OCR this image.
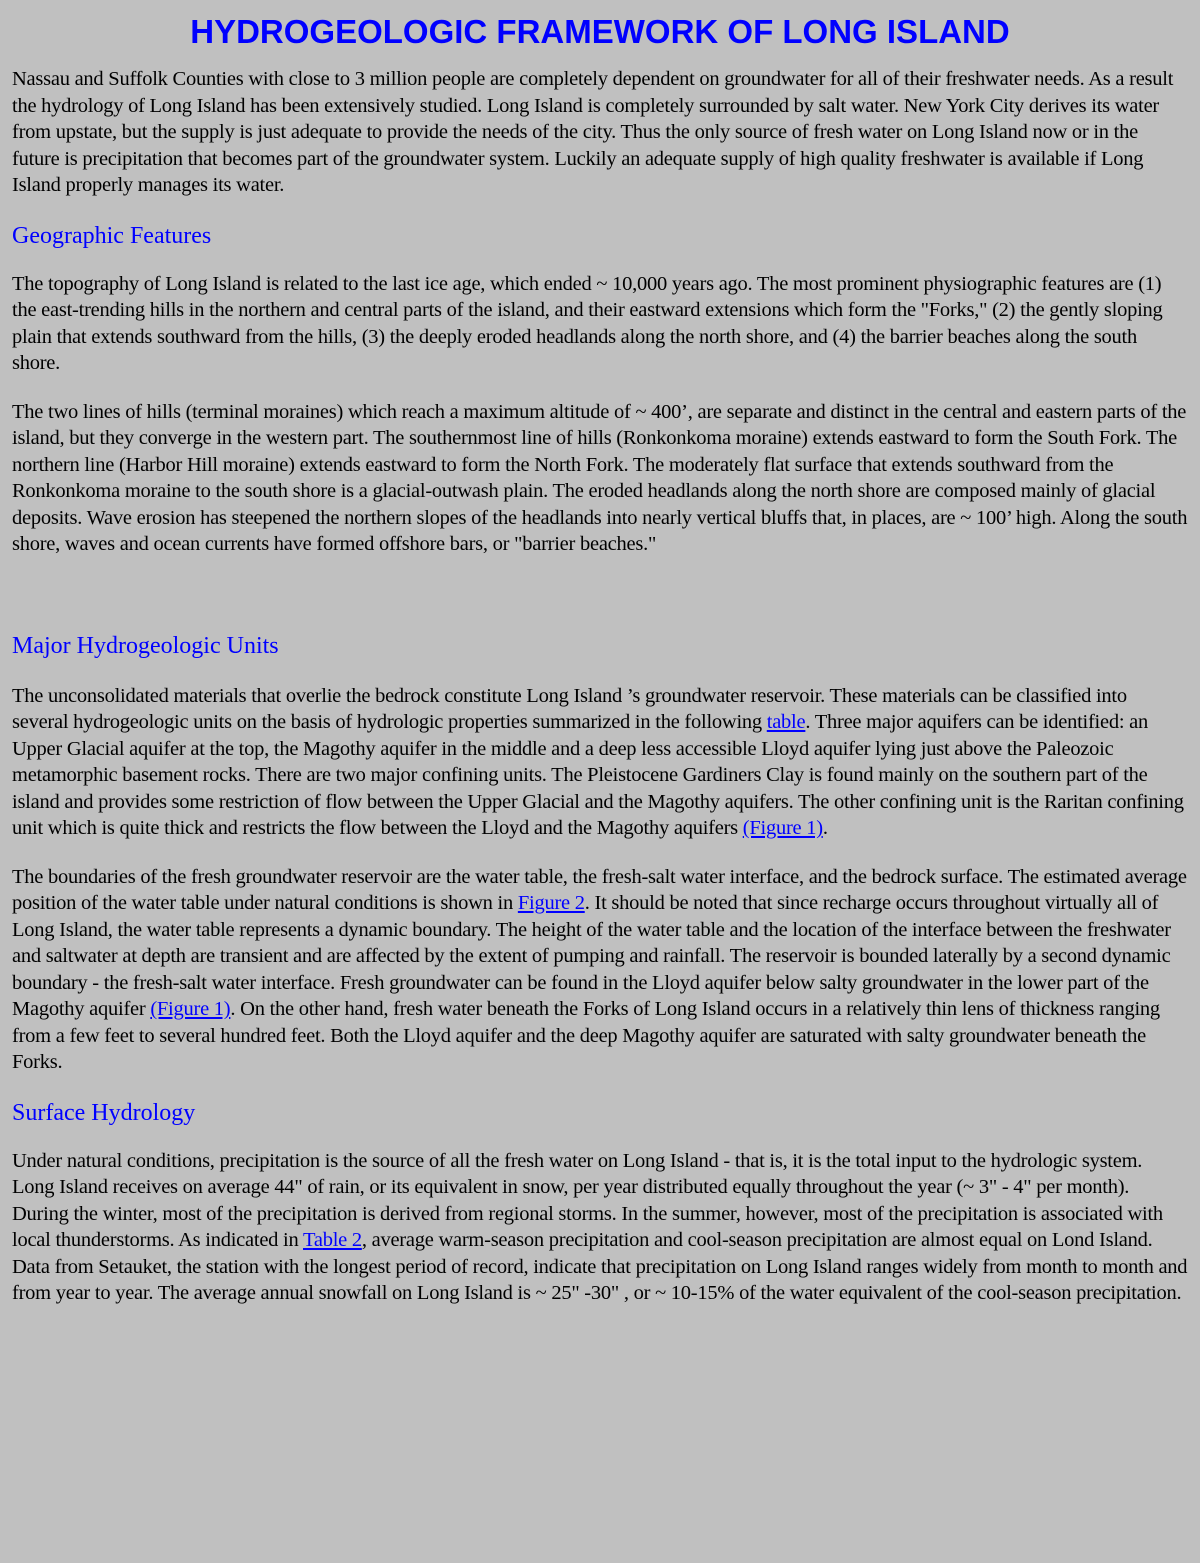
HYDROGEOLOGIC FRAMEWORK OF LONG ISLAND

Nassau and Suffolk Counties with close to 3 million people are completely dependent on groundwater for all of their freshwater needs. As a result the hydrology of Long Island has been extensively studied. Long Island is completely surrounded by salt water. New York City derives its water from upstate, but the supply is just adequate to provide the needs of the city. Thus the only source of fresh water on Long Island now or in the future is precipitation that becomes part of the groundwater system. Luckily an adequate supply of high quality freshwater is available if Long Island properly manages its water.

Geographic Features

The topography of Long Island is related to the last ice age, which ended ~ 10,000 years ago. The most prominent physiographic features are (1) the east-trending hills in the northern and central parts of the island, and their eastward extensions which form the "Forks," (2) the gently sloping plain that extends southward from the hills, (3) the deeply eroded headlands along the north shore, and (4) the barrier beaches along the south shore.

The two lines of hills (terminal moraines) which reach a maximum altitude of ~ 400’, are separate and distinct in the central and eastern parts of the island, but they converge in the western part. The southernmost line of hills (Ronkonkoma moraine) extends eastward to form the South Fork. The northern line (Harbor Hill moraine) extends eastward to form the North Fork. The moderately flat surface that extends southward from the Ronkonkoma moraine to the south shore is a glacial-outwash plain. The eroded headlands along the north shore are composed mainly of glacial deposits. Wave erosion has steepened the northern slopes of the headlands into nearly vertical bluffs that, in places, are ~ 100’ high. Along the south shore, waves and ocean currents have formed offshore bars, or "barrier beaches."

Major Hydrogeologic Units

The unconsolidated materials that overlie the bedrock constitute Long Island ’s groundwater reservoir. These materials can be classified into several hydrogeologic units on the basis of hydrologic properties summarized in the following table. Three major aquifers can be identified: an Upper Glacial aquifer at the top, the Magothy aquifer in the middle and a deep less accessible Lloyd aquifer lying just above the Paleozoic metamorphic basement rocks. There are two major confining units. The Pleistocene Gardiners Clay is found mainly on the southern part of the island and provides some restriction of flow between the Upper Glacial and the Magothy aquifers. The other confining unit is the Raritan confining unit which is quite thick and restricts the flow between the Lloyd and the Magothy aquifers (Figure 1).

The boundaries of the fresh groundwater reservoir are the water table, the fresh-salt water interface, and the bedrock surface. The estimated average position of the water table under natural conditions is shown in Figure 2. It should be noted that since recharge occurs throughout virtually all of Long Island, the water table represents a dynamic boundary. The height of the water table and the location of the interface between the freshwater and saltwater at depth are transient and are affected by the extent of pumping and rainfall. The reservoir is bounded laterally by a second dynamic boundary - the fresh-salt water interface. Fresh groundwater can be found in the Lloyd aquifer below salty groundwater in the lower part of the Magothy aquifer (Figure 1). On the other hand, fresh water beneath the Forks of Long Island occurs in a relatively thin lens of thickness ranging from a few feet to several hundred feet. Both the Lloyd aquifer and the deep Magothy aquifer are saturated with salty groundwater beneath the Forks.

Surface Hydrology

Under natural conditions, precipitation is the source of all the fresh water on Long Island - that is, it is the total input to the hydrologic system. Long Island receives on average 44" of rain, or its equivalent in snow, per year distributed equally throughout the year (~ 3" - 4" per month). During the winter, most of the precipitation is derived from regional storms. In the summer, however, most of the precipitation is associated with local thunderstorms. As indicated in Table 2, average warm-season precipitation and cool-season precipitation are almost equal on Lond Island. Data from Setauket, the station with the longest period of record, indicate that precipitation on Long Island ranges widely from month to month and from year to year. The average annual snowfall on Long Island is ~ 25" -30" , or ~ 10-15% of the water equivalent of the cool-season precipitation.
